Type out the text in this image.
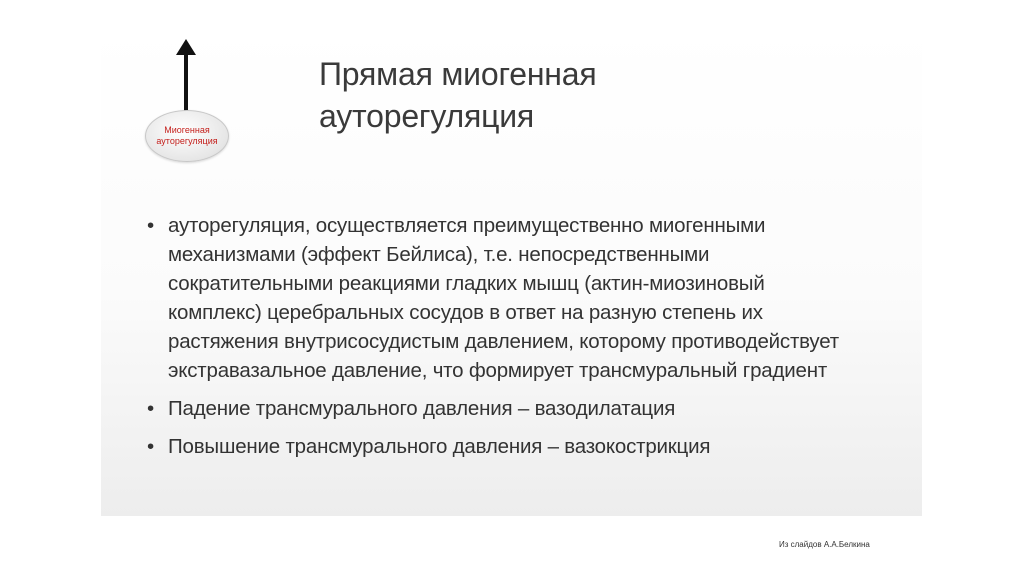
Миогенная
ауторегуляция
Прямая миогенная
ауторегуляция
• ауторегуляция, осуществляется преимущественно миогенными
механизмами (эффект Бейлиса), т.е. непосредственными
сократительными реакциями гладких мышц (актин-миозиновый
комплекс) церебральных сосудов в ответ на разную степень их
растяжения внутрисосудистым давлением, которому противодействует
экстравазальное давление, что формирует трансмуральный градиент
• Падение трансмурального давления – вазодилатация
• Повышение трансмурального давления – вазокострикция
Из слайдов А.А.Белкина
